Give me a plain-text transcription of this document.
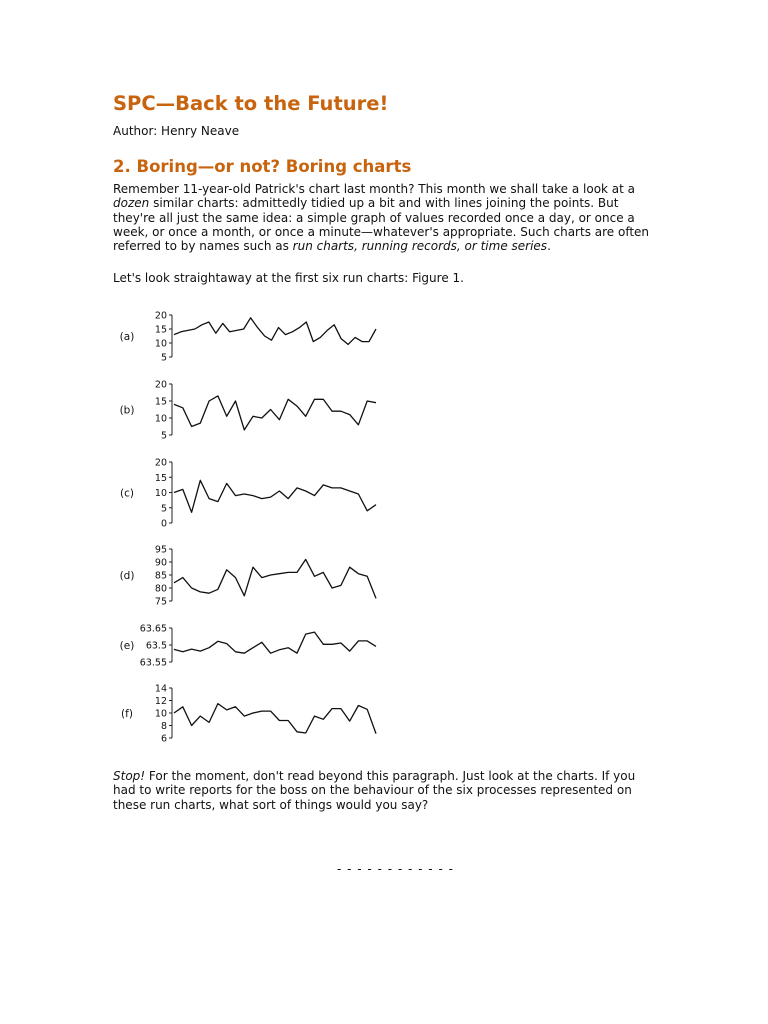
SPC—Back to the Future!

Author: Henry Neave

2. Boring—or not? Boring charts

Remember 11-year-old Patrick's chart last month? This month we shall take a look at a dozen similar charts: admittedly tidied up a bit and with lines joining the points. But they're all just the same idea: a simple graph of values recorded once a day, or once a week, or once a month, or once a minute—whatever's appropriate. Such charts are often referred to by names such as run charts, running records, or time series.

Let's look straightaway at the first six run charts: Figure 1.

Stop! For the moment, don't read beyond this paragraph. Just look at the charts. If you had to write reports for the boss on the behaviour of the six processes represented on these run charts, what sort of things would you say?

- - - - - - - - - - - -
(a)
5
10
15
20
(b)
5
10
15
20
(c)
0
5
10
15
20
(d)
75
80
85
90
95
(e)
63.55
63.5
63.65
(f)
6
8
10
12
14
